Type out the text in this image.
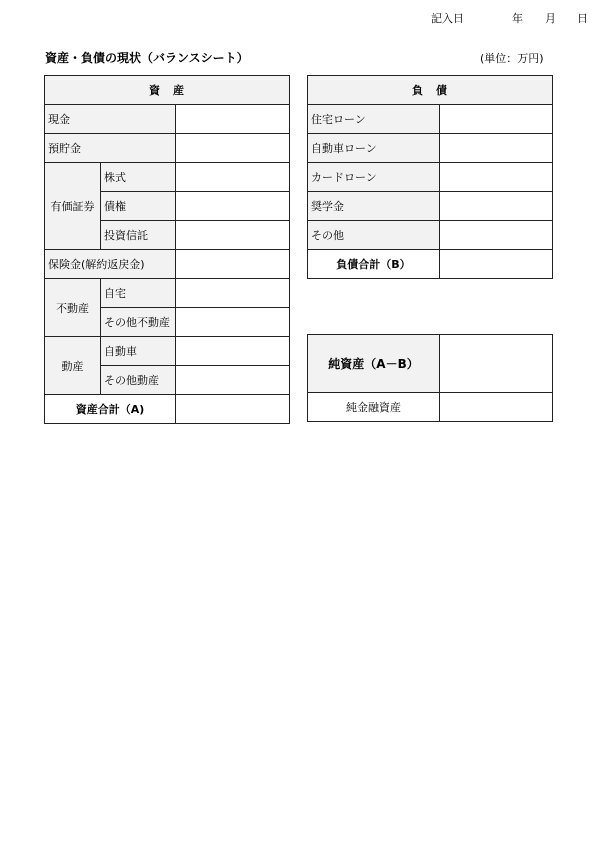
記入日	年 月 日
資産・負債の現状（バランスシート）	(単位：万円)
資　産		
現金		
預貯金		
有価証券	株式	
	債権	
	投資信託	
保険金(解約返戻金)		
不動産	自宅	
	その他不動産	
動産	自動車	
	その他動産	
資産合計（A)		
負　債	
住宅ローン	
自動車ローン	
カードローン	
奨学金	
その他	
負債合計（B）	
純資産（A－B）	
純金融資産	
